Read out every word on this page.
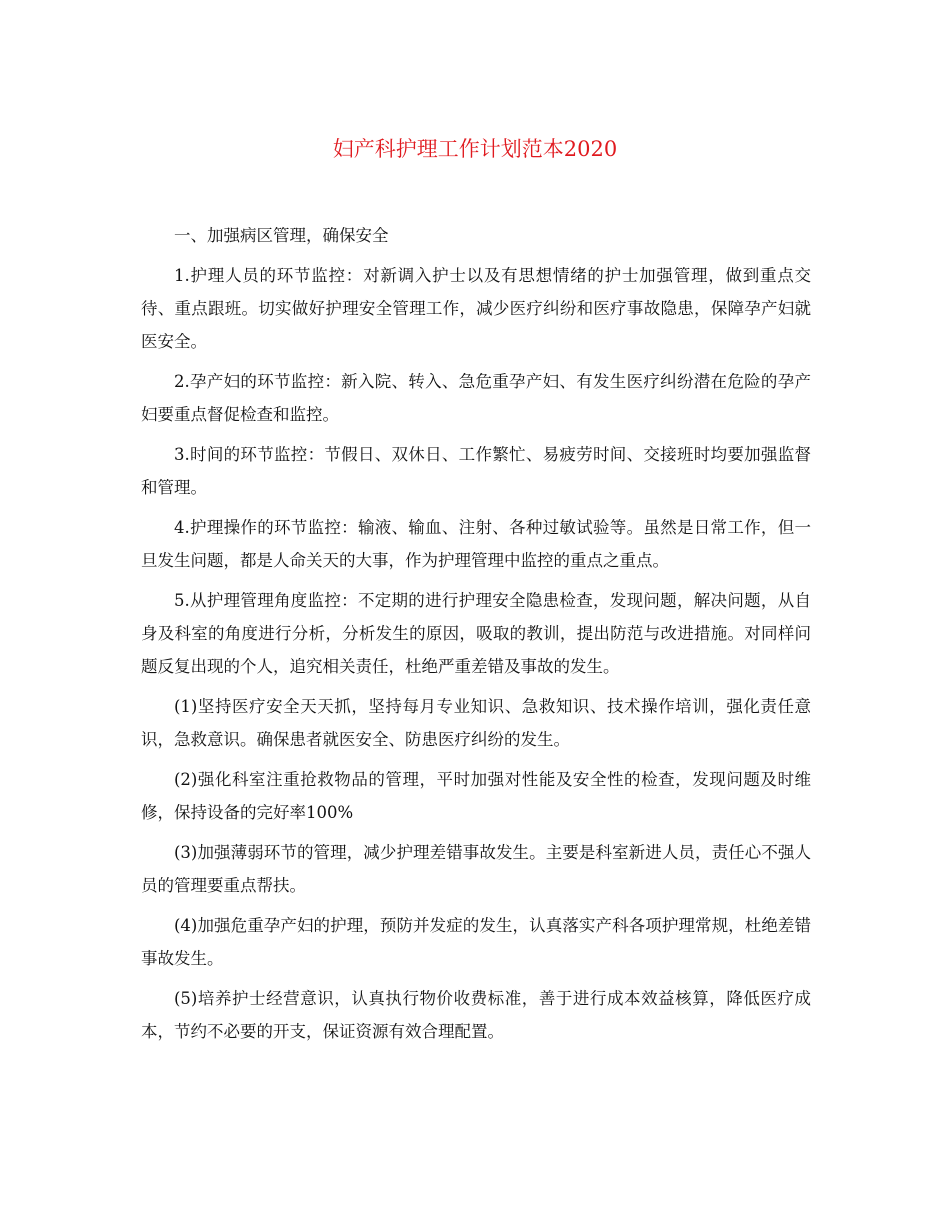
妇产科护理工作计划范本2020

一、加强病区管理，确保安全

1.护理人员的环节监控：对新调入护士以及有思想情绪的护士加强管理，做到重点交待、重点跟班。切实做好护理安全管理工作，减少医疗纠纷和医疗事故隐患，保障孕产妇就医安全。

2.孕产妇的环节监控：新入院、转入、急危重孕产妇、有发生医疗纠纷潜在危险的孕产妇要重点督促检查和监控。

3.时间的环节监控：节假日、双休日、工作繁忙、易疲劳时间、交接班时均要加强监督和管理。

4.护理操作的环节监控：输液、输血、注射、各种过敏试验等。虽然是日常工作，但一旦发生问题，都是人命关天的大事，作为护理管理中监控的重点之重点。

5.从护理管理角度监控：不定期的进行护理安全隐患检查，发现问题，解决问题，从自身及科室的角度进行分析，分析发生的原因，吸取的教训，提出防范与改进措施。对同样问题反复出现的个人，追究相关责任，杜绝严重差错及事故的发生。

(1)坚持医疗安全天天抓，坚持每月专业知识、急救知识、技术操作培训，强化责任意识，急救意识。确保患者就医安全、防患医疗纠纷的发生。

(2)强化科室注重抢救物品的管理，平时加强对性能及安全性的检查，发现问题及时维修，保持设备的完好率100%

(3)加强薄弱环节的管理，减少护理差错事故发生。主要是科室新进人员，责任心不强人员的管理要重点帮扶。

(4)加强危重孕产妇的护理，预防并发症的发生，认真落实产科各项护理常规，杜绝差错事故发生。

(5)培养护士经营意识，认真执行物价收费标准，善于进行成本效益核算，降低医疗成本，节约不必要的开支，保证资源有效合理配置。
